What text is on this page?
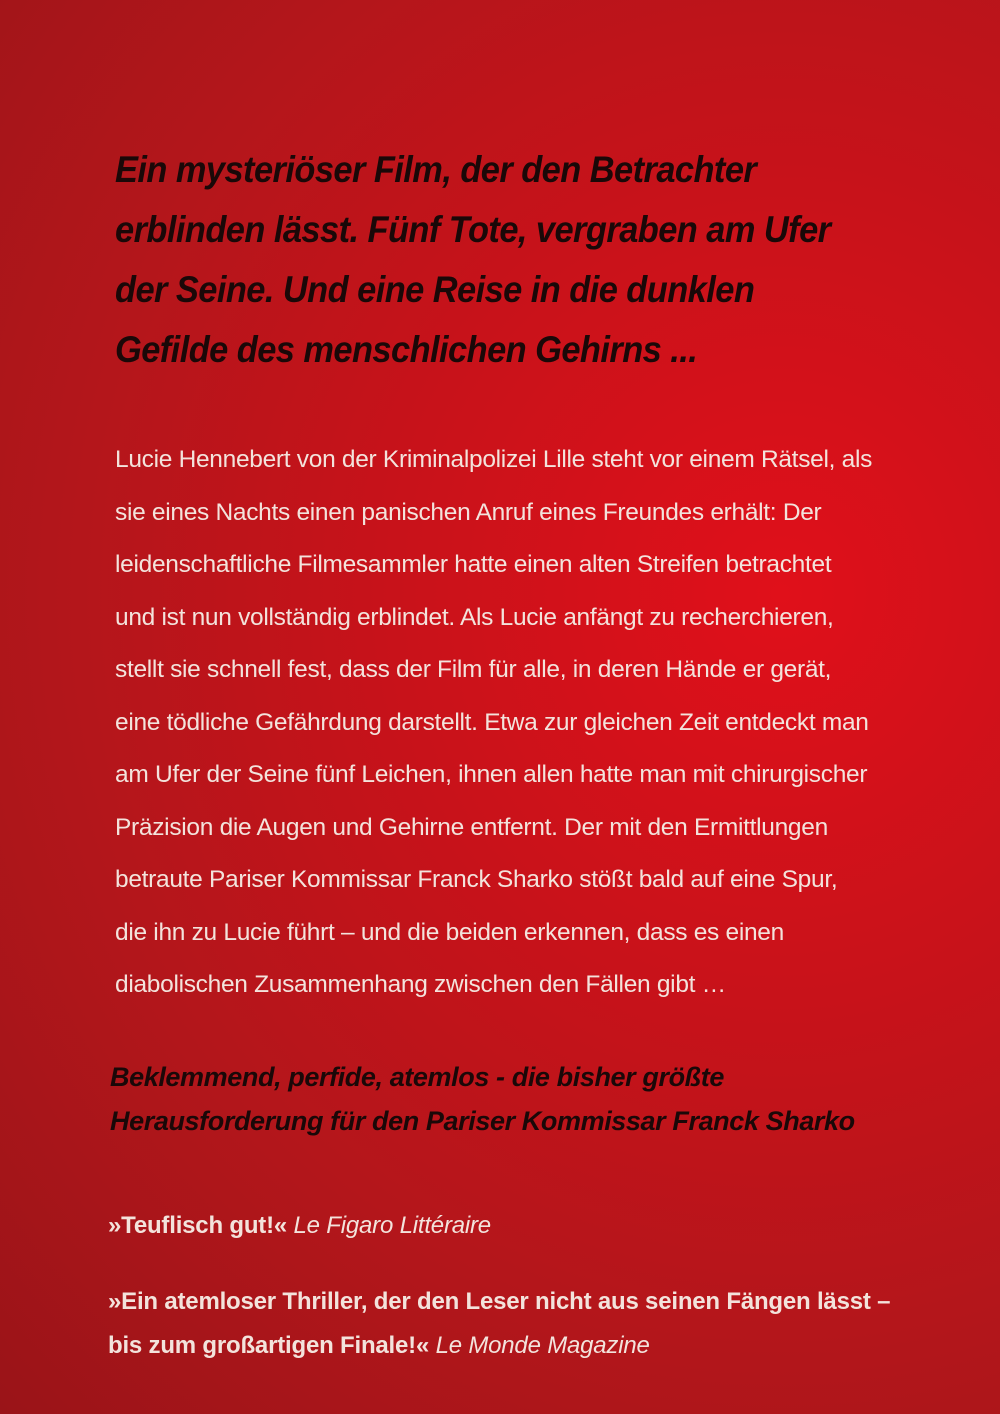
Ein mysteriöser Film, der den Betrachter
erblinden lässt. Fünf Tote, vergraben am Ufer
der Seine. Und eine Reise in die dunklen
Gefilde des menschlichen Gehirns ...
Lucie Hennebert von der Kriminalpolizei Lille steht vor einem Rätsel, als
sie eines Nachts einen panischen Anruf eines Freundes erhält: Der
leidenschaftliche Filmesammler hatte einen alten Streifen betrachtet
und ist nun vollständig erblindet. Als Lucie anfängt zu recherchieren,
stellt sie schnell fest, dass der Film für alle, in deren Hände er gerät,
eine tödliche Gefährdung darstellt. Etwa zur gleichen Zeit entdeckt man
am Ufer der Seine fünf Leichen, ihnen allen hatte man mit chirurgischer
Präzision die Augen und Gehirne entfernt. Der mit den Ermittlungen
betraute Pariser Kommissar Franck Sharko stößt bald auf eine Spur,
die ihn zu Lucie führt – und die beiden erkennen, dass es einen
diabolischen Zusammenhang zwischen den Fällen gibt …
Beklemmend, perfide, atemlos - die bisher größte
Herausforderung für den Pariser Kommissar Franck Sharko
»Teuflisch gut!« Le Figaro Littéraire
»Ein atemloser Thriller, der den Leser nicht aus seinen Fängen lässt –
bis zum großartigen Finale!« Le Monde Magazine
